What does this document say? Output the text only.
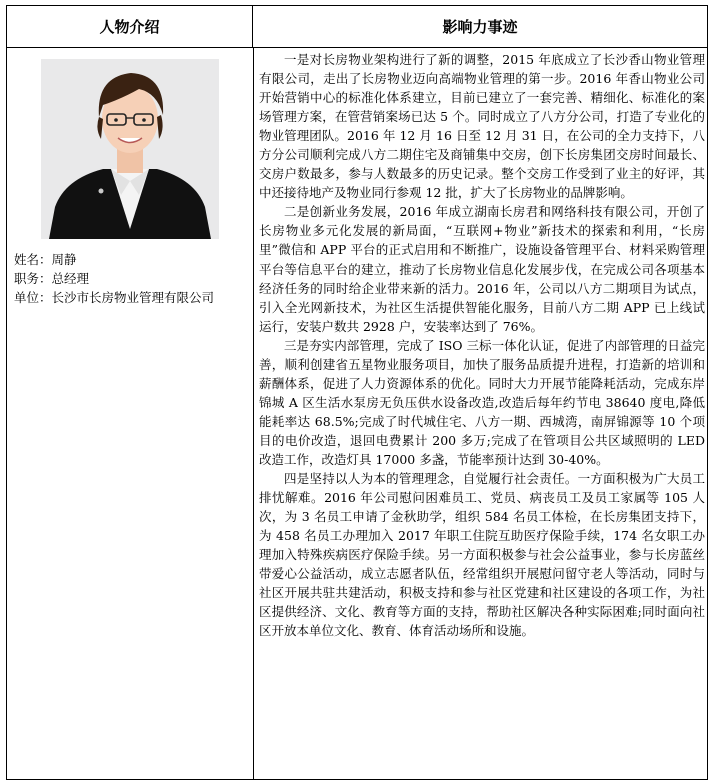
人物介绍	影响力事迹
姓名：周静
职务：总经理
单位：长沙市长房物业管理有限公司

一是对长房物业架构进行了新的调整，2015 年底成立了长沙香山物业管理有限公司，走出了长房物业迈向高端物业管理的第一步。2016 年香山物业公司开始营销中心的标准化体系建立，目前已建立了一套完善、精细化、标准化的案场管理方案，在管营销案场已达 5 个。同时成立了八方分公司，打造了专业化的物业管理团队。2016 年 12 月 16 日至 12 月 31 日，在公司的全力支持下，八方分公司顺利完成八方二期住宅及商铺集中交房，创下长房集团交房时间最长、交房户数最多，参与人数最多的历史记录。整个交房工作受到了业主的好评，其中还接待地产及物业同行参观 12 批，扩大了长房物业的品牌影响。

二是创新业务发展，2016 年成立湖南长房君和网络科技有限公司，开创了长房物业多元化发展的新局面，“互联网+物业”新技术的探索和利用，“长房里”微信和 APP 平台的正式启用和不断推广，设施设备管理平台、材料采购管理平台等信息平台的建立，推动了长房物业信息化发展步伐，在完成公司各项基本经济任务的同时给企业带来新的活力。2016 年，公司以八方二期项目为试点，引入全光网新技术，为社区生活提供智能化服务，目前八方二期 APP 已上线试运行，安装户数共 2928 户，安装率达到了 76%。

三是夯实内部管理，完成了 ISO 三标一体化认证，促进了内部管理的日益完善，顺利创建省五星物业服务项目，加快了服务品质提升进程，打造新的培训和薪酬体系，促进了人力资源体系的优化。同时大力开展节能降耗活动，完成东岸锦城 A 区生活水泵房无负压供水设备改造,改造后每年约节电 38640 度电,降低能耗率达 68.5%;完成了时代城住宅、八方一期、西城湾，南屏锦源等 10 个项目的电价改造，退回电费累计 200 多万;完成了在管项目公共区域照明的 LED 改造工作，改造灯具 17000 多盏，节能率预计达到 30-40%。

四是坚持以人为本的管理理念，自觉履行社会责任。一方面积极为广大员工排忧解难。2016 年公司慰问困难员工、党员、病丧员工及员工家属等 105 人次，为 3 名员工申请了金秋助学，组织 584 名员工体检，在长房集团支持下，为 458 名员工办理加入 2017 年职工住院互助医疗保险手续，174 名女职工办理加入特殊疾病医疗保险手续。另一方面积极参与社会公益事业，参与长房蓝丝带爱心公益活动，成立志愿者队伍，经常组织开展慰问留守老人等活动，同时与社区开展共驻共建活动，积极支持和参与社区党建和社区建设的各项工作，为社区提供经济、文化、教育等方面的支持，帮助社区解决各种实际困难;同时面向社区开放本单位文化、教育、体育活动场所和设施。
